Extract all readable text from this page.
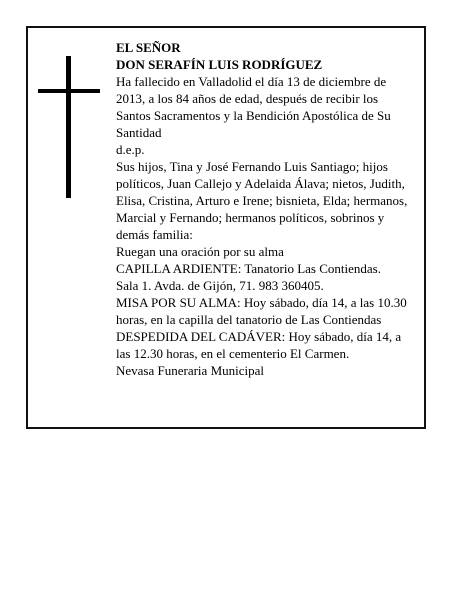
EL SEÑOR
DON SERAFÍN LUIS RODRÍGUEZ
Ha fallecido en Valladolid el día 13 de diciembre de
2013, a los 84 años de edad, después de recibir los
Santos Sacramentos y la Bendición Apostólica de Su
Santidad
d.e.p.
Sus hijos, Tina y José Fernando Luis Santiago; hijos
políticos, Juan Callejo y Adelaida Álava; nietos, Judith,
Elisa, Cristina, Arturo e Irene; bisnieta, Elda; hermanos,
Marcial y Fernando; hermanos políticos, sobrinos y
demás familia:
Ruegan una oración por su alma
CAPILLA ARDIENTE: Tanatorio Las Contiendas.
Sala 1. Avda. de Gijón, 71. 983 360405.
MISA POR SU ALMA: Hoy sábado, día 14, a las 10.30
horas, en la capilla del tanatorio de Las Contiendas
DESPEDIDA DEL CADÁVER: Hoy sábado, día 14, a
las 12.30 horas, en el cementerio El Carmen.
Nevasa Funeraria Municipal
